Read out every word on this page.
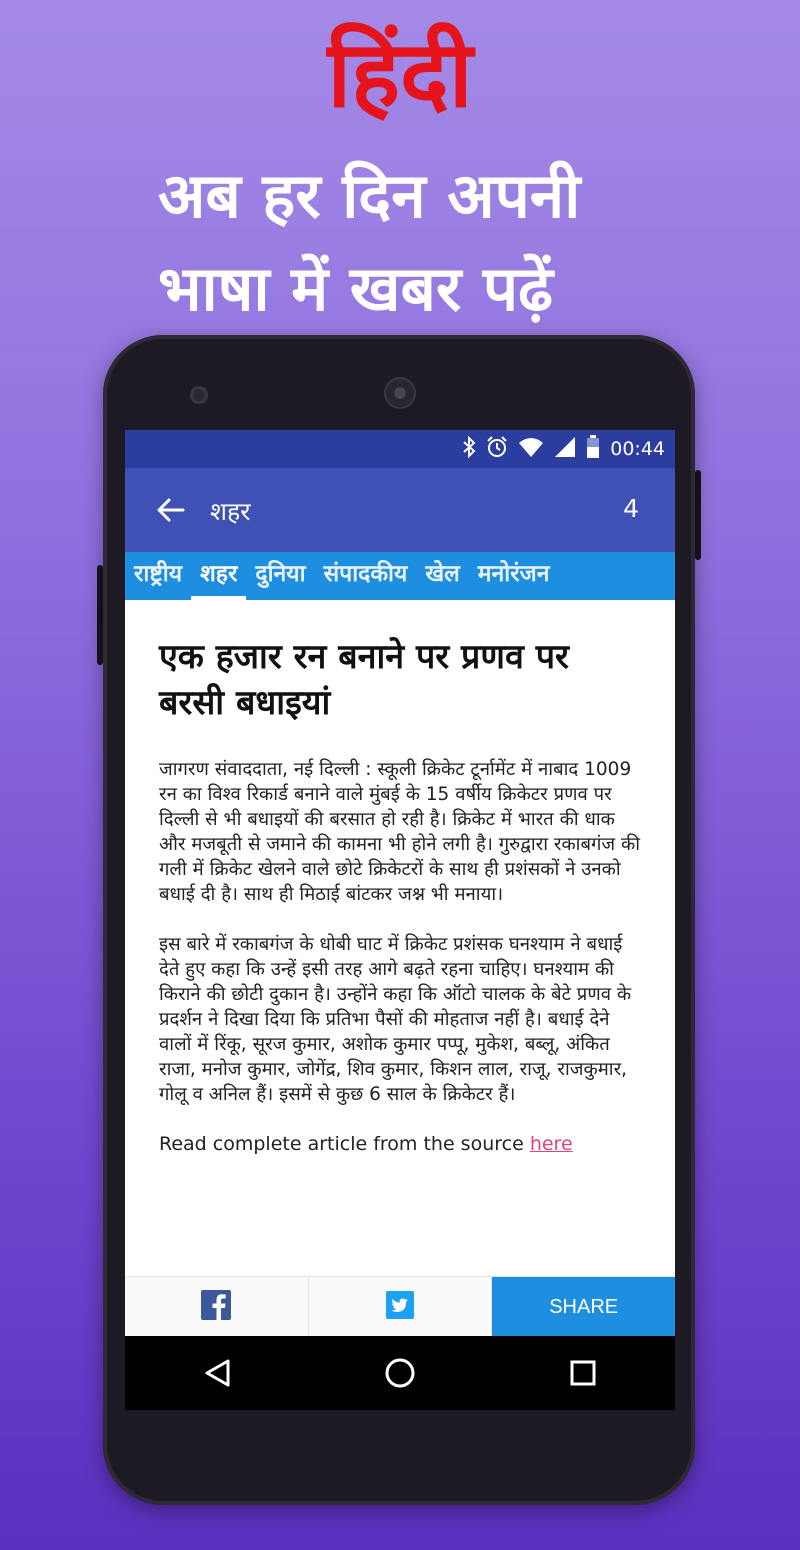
हिंदी
अब हर दिन अपनी
भाषा में खबर पढ़ें
00:44
शहर	4
राष्ट्रीय शहर दुनिया संपादकीय खेल मनोरंजन
एक हजार रन बनाने पर प्रणव पर बरसी बधाइयां

जागरण संवाददाता, नई दिल्ली : स्कूली क्रिकेट टूर्नामेंट में नाबाद 1009 रन का विश्व रिकार्ड बनाने वाले मुंबई के 15 वर्षीय क्रिकेटर प्रणव पर दिल्ली से भी बधाइयों की बरसात हो रही है। क्रिकेट में भारत की धाक और मजबूती से जमाने की कामना भी होने लगी है। गुरुद्वारा रकाबगंज की गली में क्रिकेट खेलने वाले छोटे क्रिकेटरों के साथ ही प्रशंसकों ने उनको बधाई दी है। साथ ही मिठाई बांटकर जश्न भी मनाया।

इस बारे में रकाबगंज के धोबी घाट में क्रिकेट प्रशंसक घनश्याम ने बधाई देते हुए कहा कि उन्हें इसी तरह आगे बढ़ते रहना चाहिए। घनश्याम की किराने की छोटी दुकान है। उन्होंने कहा कि ऑटो चालक के बेटे प्रणव के प्रदर्शन ने दिखा दिया कि प्रतिभा पैसों की मोहताज नहीं है। बधाई देने वालों में रिंकू, सूरज कुमार, अशोक कुमार पप्पू, मुकेश, बब्लू, अंकित राजा, मनोज कुमार, जोगेंद्र, शिव कुमार, किशन लाल, राजू, राजकुमार, गोलू व अनिल हैं। इसमें से कुछ 6 साल के क्रिकेटर हैं।

Read complete article from the source here
SHARE
